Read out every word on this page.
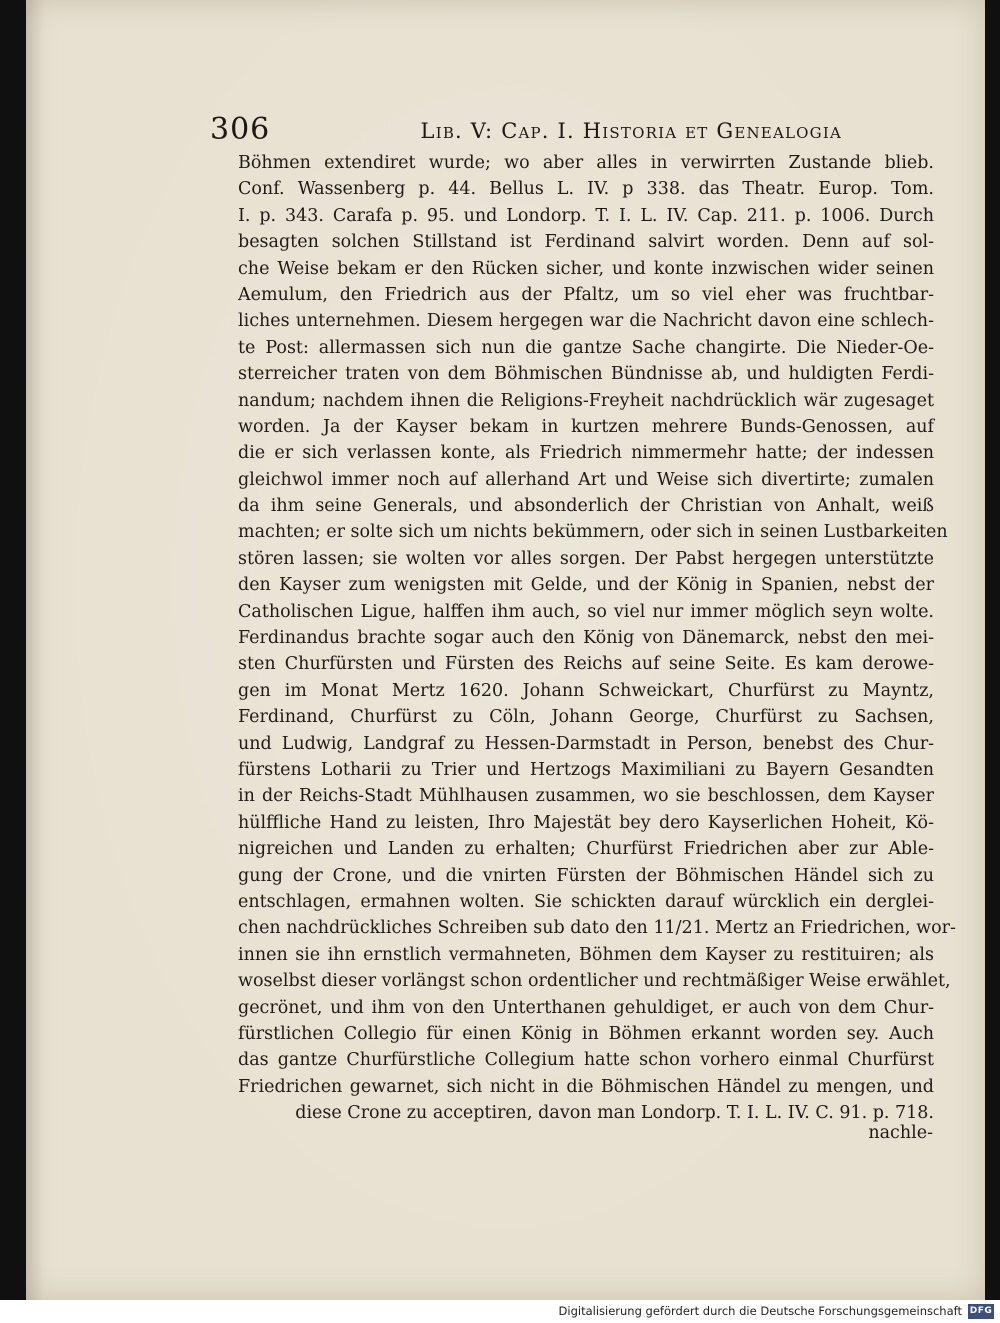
306	Lib. V: Cap. I. Historia et Genealogia
Böhmen extendiret wurde; wo aber alles in verwirrten Zustande blieb.
Conf. Wassenberg p. 44. Bellus L. IV. p 338. das Theatr. Europ. Tom.
I. p. 343. Carafa p. 95. und Londorp. T. I. L. IV. Cap. 211. p. 1006. Durch
besagten solchen Stillstand ist Ferdinand salvirt worden. Denn auf sol-
che Weise bekam er den Rücken sicher, und konte inzwischen wider seinen
Aemulum, den Friedrich aus der Pfaltz, um so viel eher was fruchtbar-
liches unternehmen. Diesem hergegen war die Nachricht davon eine schlech-
te Post: allermassen sich nun die gantze Sache changirte. Die Nieder-Oe-
sterreicher traten von dem Böhmischen Bündnisse ab, und huldigten Ferdi-
nandum; nachdem ihnen die Religions-Freyheit nachdrücklich wär zugesaget
worden. Ja der Kayser bekam in kurtzen mehrere Bunds-Genossen, auf
die er sich verlassen konte, als Friedrich nimmermehr hatte; der indessen
gleichwol immer noch auf allerhand Art und Weise sich divertirte; zumalen
da ihm seine Generals, und absonderlich der Christian von Anhalt, weiß
machten; er solte sich um nichts bekümmern, oder sich in seinen Lustbarkeiten
stören lassen; sie wolten vor alles sorgen. Der Pabst hergegen unterstützte
den Kayser zum wenigsten mit Gelde, und der König in Spanien, nebst der
Catholischen Ligue, halffen ihm auch, so viel nur immer möglich seyn wolte.
Ferdinandus brachte sogar auch den König von Dänemarck, nebst den mei-
sten Churfürsten und Fürsten des Reichs auf seine Seite. Es kam derowe-
gen im Monat Mertz 1620. Johann Schweickart, Churfürst zu Mayntz,
Ferdinand, Churfürst zu Cöln, Johann George, Churfürst zu Sachsen,
und Ludwig, Landgraf zu Hessen-Darmstadt in Person, benebst des Chur-
fürstens Lotharii zu Trier und Hertzogs Maximiliani zu Bayern Gesandten
in der Reichs-Stadt Mühlhausen zusammen, wo sie beschlossen, dem Kayser
hülffliche Hand zu leisten, Ihro Majestät bey dero Kayserlichen Hoheit, Kö-
nigreichen und Landen zu erhalten; Churfürst Friedrichen aber zur Able-
gung der Crone, und die vnirten Fürsten der Böhmischen Händel sich zu
entschlagen, ermahnen wolten. Sie schickten darauf würcklich ein derglei-
chen nachdrückliches Schreiben sub dato den 11/21. Mertz an Friedrichen, wor-
innen sie ihn ernstlich vermahneten, Böhmen dem Kayser zu restituiren; als
woselbst dieser vorlängst schon ordentlicher und rechtmäßiger Weise erwählet,
gecrönet, und ihm von den Unterthanen gehuldiget, er auch von dem Chur-
fürstlichen Collegio für einen König in Böhmen erkannt worden sey. Auch
das gantze Churfürstliche Collegium hatte schon vorhero einmal Churfürst
Friedrichen gewarnet, sich nicht in die Böhmischen Händel zu mengen, und
diese Crone zu acceptiren, davon man Londorp. T. I. L. IV. C. 91. p. 718.
nachle-
Digitalisierung gefördert durch die Deutsche Forschungsgemeinschaft DFG
